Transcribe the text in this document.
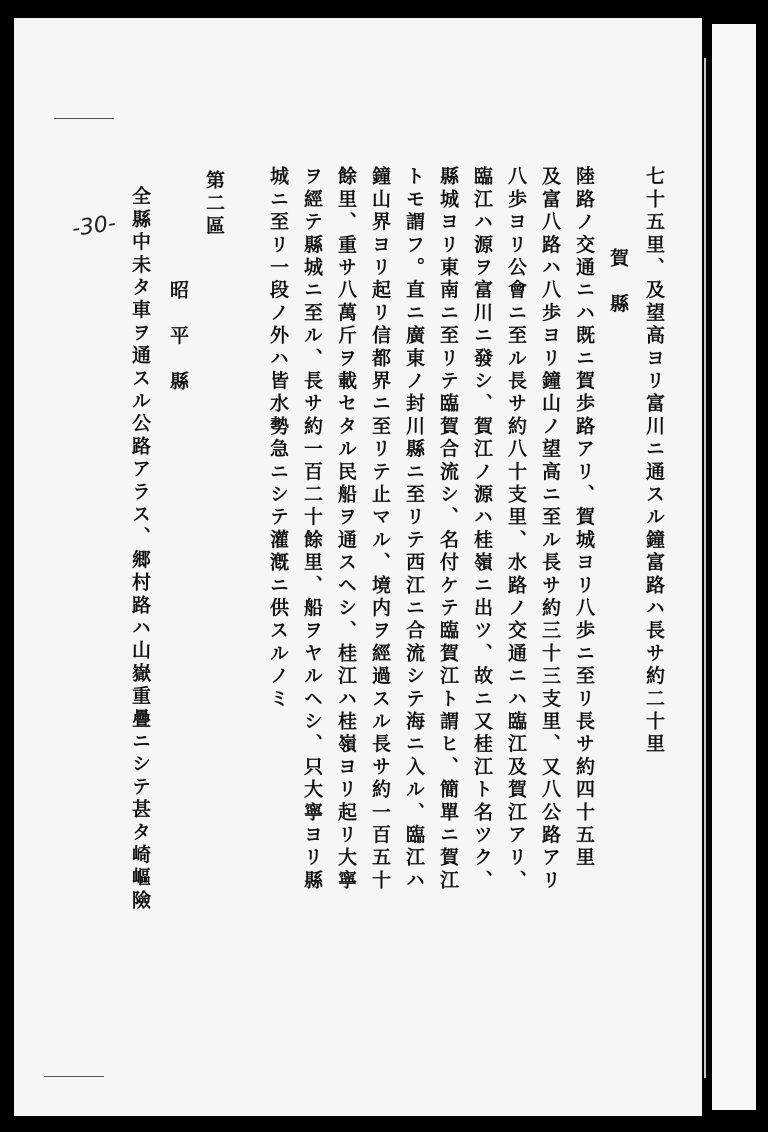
七十五里、及望高ヨリ富川ニ通スル鐘富路ハ長サ約二十里
賀　縣
陸路ノ交通ニハ既ニ賀歩路アリ、賀城ヨリ八歩ニ至リ長サ約四十五里
及富八路ハ八歩ヨリ鐘山ノ望高ニ至ル長サ約三十三支里、又八公路アリ
八歩ヨリ公會ニ至ル長サ約八十支里、水路ノ交通ニハ臨江及賀江アリ、
臨江ハ源ヲ富川ニ發シ、賀江ノ源ハ桂嶺ニ出ツ、故ニ又桂江ト名ツク、
縣城ヨリ東南ニ至リテ臨賀合流シ、名付ケテ臨賀江ト謂ヒ、簡單ニ賀江
トモ謂フ。直ニ廣東ノ封川縣ニ至リテ西江ニ合流シテ海ニ入ル、臨江ハ
鐘山界ヨリ起リ信都界ニ至リテ止マル、境内ヲ經過スル長サ約一百五十
餘里、重サ八萬斤ヲ載セタル民船ヲ通スヘシ、桂江ハ桂嶺ヨリ起リ大寧
ヲ經テ縣城ニ至ル、長サ約一百二十餘里、船ヲヤルヘシ、只大寧ヨリ縣
城ニ至リ一段ノ外ハ皆水勢急ニシテ灌漑ニ供スルノミ
第二區
昭　平　縣
全縣中未タ車ヲ通スル公路アラス、郷村路ハ山嶽重疊ニシテ甚タ崎嶇險
-30-
